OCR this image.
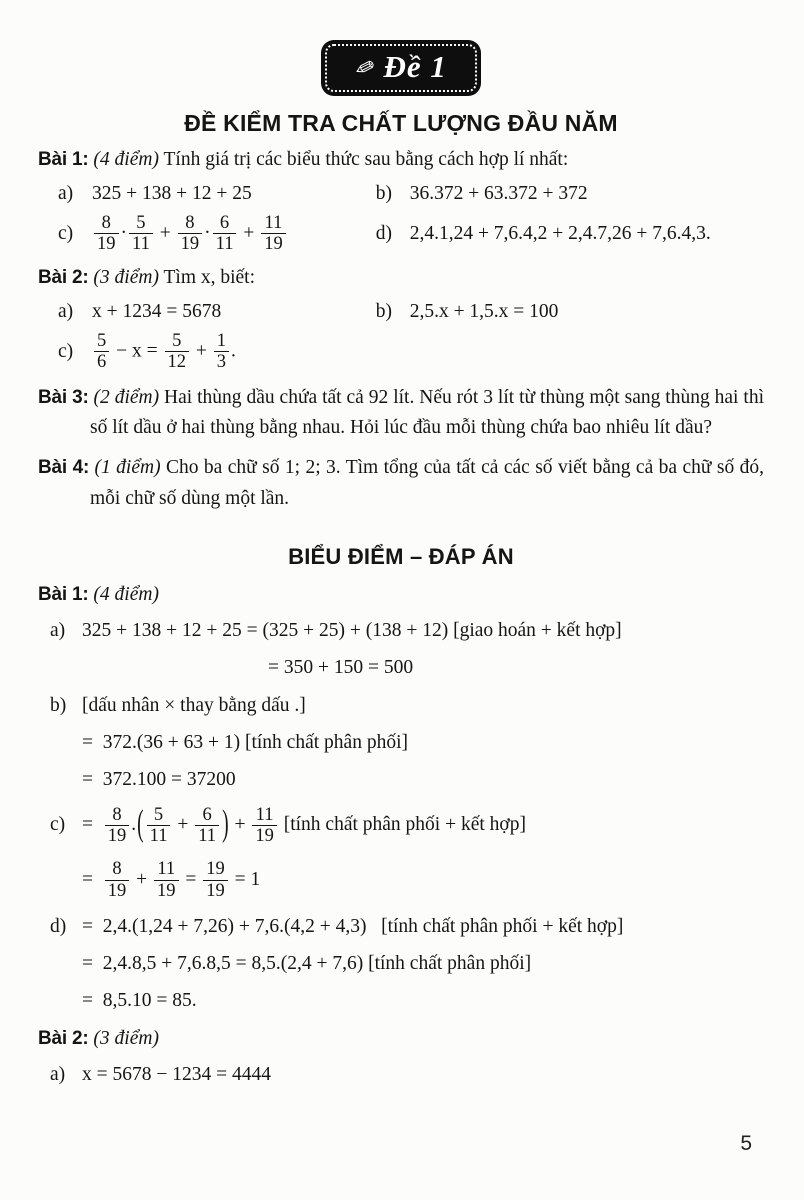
✎ Đề 1
ĐỀ KIỂM TRA CHẤT LƯỢNG ĐẦU NĂM

Bài 1: (4 điểm) Tính giá trị các biểu thức sau bằng cách hợp lí nhất:

a) 325 + 138 + 12 + 25	b) 36.372 + 63.372 + 372
c)	$\frac{8}{19} \cdot \frac{5}{11} + \frac{8}{19} \cdot \frac{6}{11} + \frac{11}{19}$	d) 2,4.1,24 + 7,6.4,2 + 2,4.7,26 + 7,6.4,3.

Bài 2: (3 điểm) Tìm x, biết:

a) x + 1234 = 5678	b) 2,5.x + 1,5.x = 100
c)	$\frac{5}{6} - x = \frac{5}{12} + \frac{1}{3}$ .

Bài 3: (2 điểm) Hai thùng dầu chứa tất cả 92 lít. Nếu rót 3 lít từ thùng một sang thùng hai thì số lít dầu ở hai thùng bằng nhau. Hỏi lúc đầu mỗi thùng chứa bao nhiêu lít dầu?

Bài 4: (1 điểm) Cho ba chữ số 1; 2; 3. Tìm tổng của tất cả các số viết bằng cả ba chữ số đó, mỗi chữ số dùng một lần.

BIỂU ĐIỂM – ĐÁP ÁN

Bài 1: (4 điểm)

a) 325 + 138 + 12 + 25 = (325 + 25) + (138 + 12) [giao hoán + kết hợp]
= 350 + 150 = 500
b) [dấu nhân × thay bằng dấu .]
=  372.(36 + 63 + 1) [tính chất phân phối]
=  372.100 = 37200
$c) = \frac{8}{19}$ .( $\frac{5}{11} + \frac{6}{11}$ ) + $\frac{11}{19}$ [tính chất phân phối + kết hợp]
= $\frac{8}{19} + \frac{11}{19} = \frac{19}{19} = 1$
d) =  2,4.(1,24 + 7,26) + 7,6.(4,2 + 4,3)   [tính chất phân phối + kết hợp]
=  2,4.8,5 + 7,6.8,5 = 8,5.(2,4 + 7,6) [tính chất phân phối]
=  8,5.10 = 85.

Bài 2: (3 điểm)

a) x = 5678 − 1234 = 4444
5
